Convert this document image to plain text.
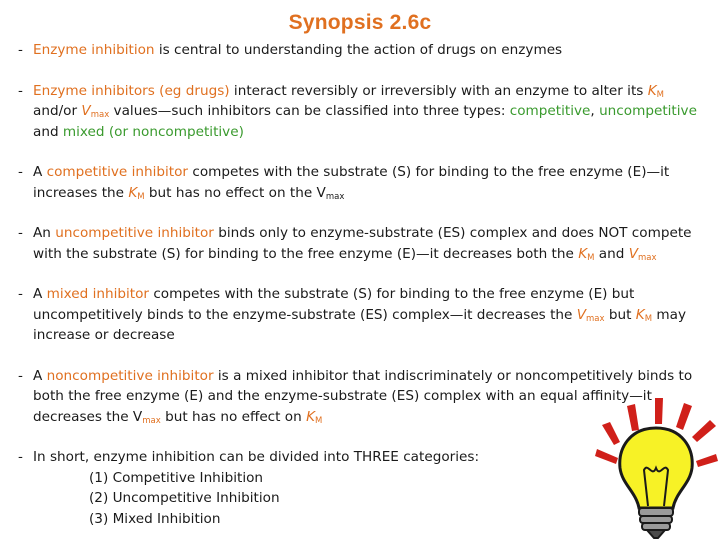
Synopsis 2.6c
- Enzyme inhibition is central to understanding the action of drugs on enzymes
- Enzyme inhibitors (eg drugs) interact reversibly or irreversibly with an enzyme to alter its $K_M$ and/or $V_{max}$ values—such inhibitors can be classified into three types: competitive, uncompetitive and mixed (or noncompetitive)
- A competitive inhibitor competes with the substrate (S) for binding to the free enzyme (E)—it increases the $K_M$ but has no effect on the $V_{max}$
- An uncompetitive inhibitor binds only to enzyme-substrate (ES) complex and does NOT compete with the substrate (S) for binding to the free enzyme (E)—it decreases both the $K_M$ and $V_{max}$
- A mixed inhibitor competes with the substrate (S) for binding to the free enzyme (E) but uncompetitively binds to the enzyme-substrate (ES) complex—it decreases the $V_{max}$ but $K_M$ may increase or decrease
- A noncompetitive inhibitor is a mixed inhibitor that indiscriminately or noncompetitively binds to both the free enzyme (E) and the enzyme-substrate (ES) complex with an equal affinity—it decreases the $V_{max}$ but has no effect on $K_M$
- In short, enzyme inhibition can be divided into THREE categories:
(1) Competitive Inhibition
(2) Uncompetitive Inhibition
(3) Mixed Inhibition
